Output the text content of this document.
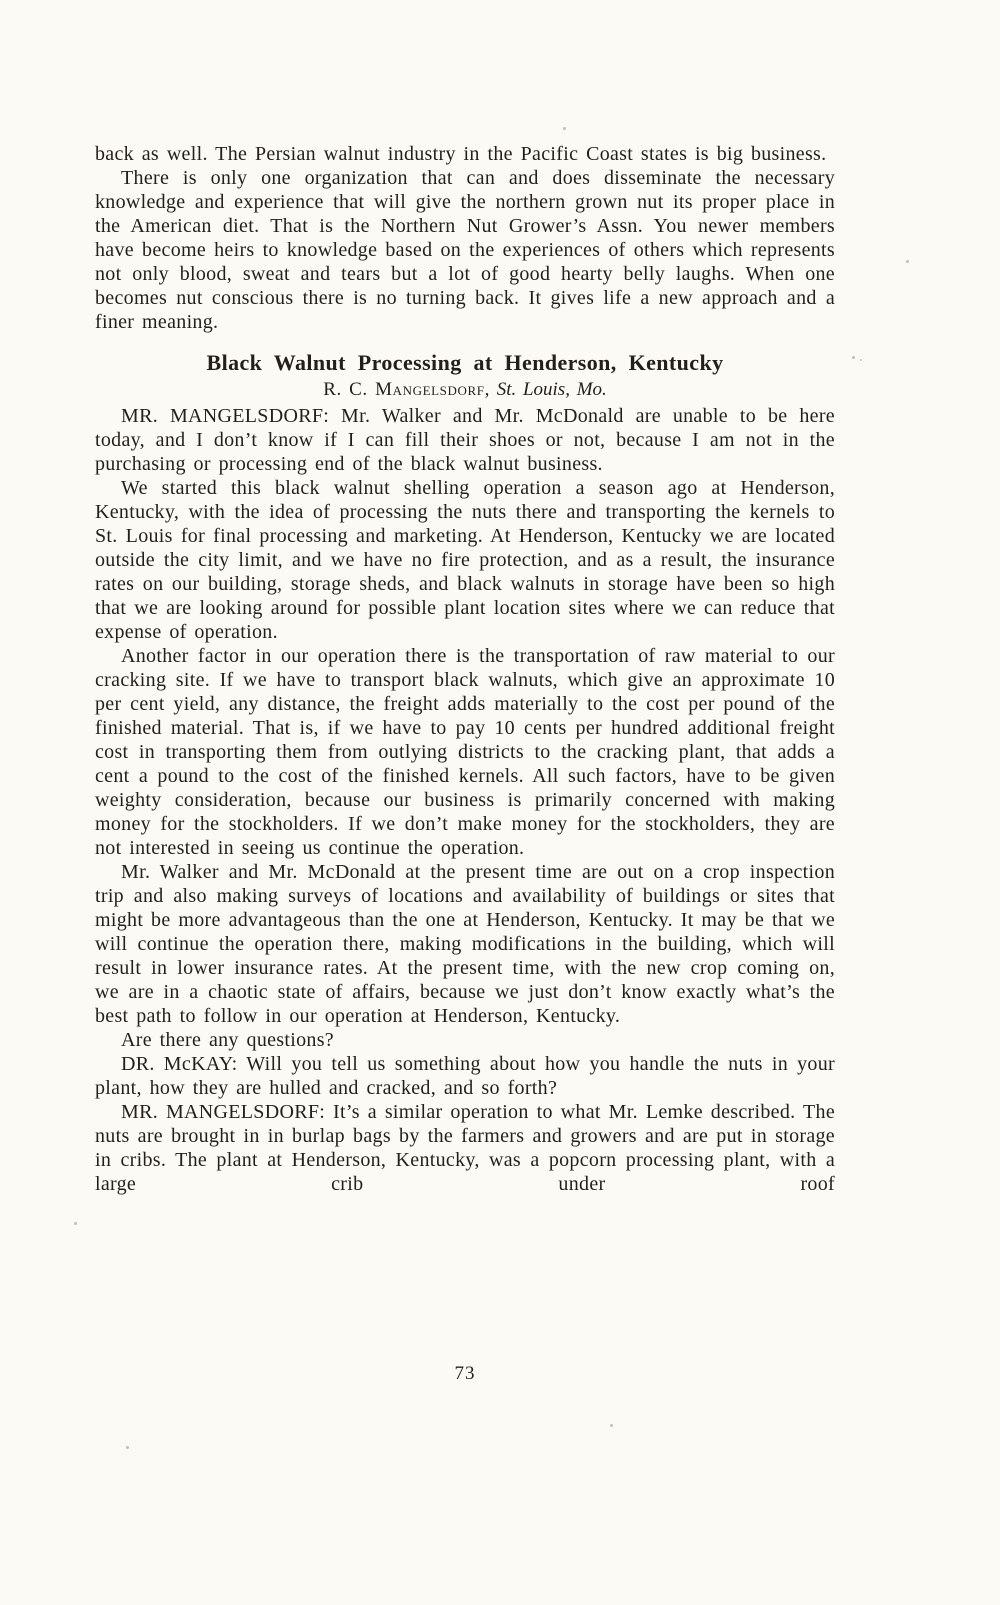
back as well. The Persian walnut industry in the Pacific Coast states is big business.

There is only one organization that can and does disseminate the necessary knowledge and experience that will give the northern grown nut its proper place in the American diet. That is the Northern Nut Grower’s Assn. You newer members have become heirs to knowledge based on the experiences of others which represents not only blood, sweat and tears but a lot of good hearty belly laughs. When one becomes nut conscious there is no turning back. It gives life a new approach and a finer meaning.

Black Walnut Processing at Henderson, Kentucky

R. C. Mangelsdorf, St. Louis, Mo.

MR. MANGELSDORF: Mr. Walker and Mr. McDonald are unable to be here today, and I don’t know if I can fill their shoes or not, because I am not in the purchasing or processing end of the black walnut business.

We started this black walnut shelling operation a season ago at Henderson, Kentucky, with the idea of processing the nuts there and transporting the kernels to St. Louis for final processing and marketing. At Henderson, Kentucky we are located outside the city limit, and we have no fire protection, and as a result, the insurance rates on our building, storage sheds, and black walnuts in storage have been so high that we are looking around for possible plant location sites where we can reduce that expense of operation.

Another factor in our operation there is the transportation of raw material to our cracking site. If we have to transport black walnuts, which give an approximate 10 per cent yield, any distance, the freight adds materially to the cost per pound of the finished material. That is, if we have to pay 10 cents per hundred additional freight cost in transporting them from outlying districts to the cracking plant, that adds a cent a pound to the cost of the finished kernels. All such factors, have to be given weighty consideration, because our business is primarily concerned with making money for the stockholders. If we don’t make money for the stockholders, they are not interested in seeing us continue the operation.

Mr. Walker and Mr. McDonald at the present time are out on a crop inspection trip and also making surveys of locations and availability of buildings or sites that might be more advantageous than the one at Henderson, Kentucky. It may be that we will continue the operation there, making modifications in the building, which will result in lower insurance rates. At the present time, with the new crop coming on, we are in a chaotic state of affairs, because we just don’t know exactly what’s the best path to follow in our operation at Henderson, Kentucky.

Are there any questions?

DR. McKAY: Will you tell us something about how you handle the nuts in your plant, how they are hulled and cracked, and so forth?

MR. MANGELSDORF: It’s a similar operation to what Mr. Lemke described. The nuts are brought in in burlap bags by the farmers and growers and are put in storage in cribs. The plant at Henderson, Kentucky, was a popcorn processing plant, with a large crib under roof

73
